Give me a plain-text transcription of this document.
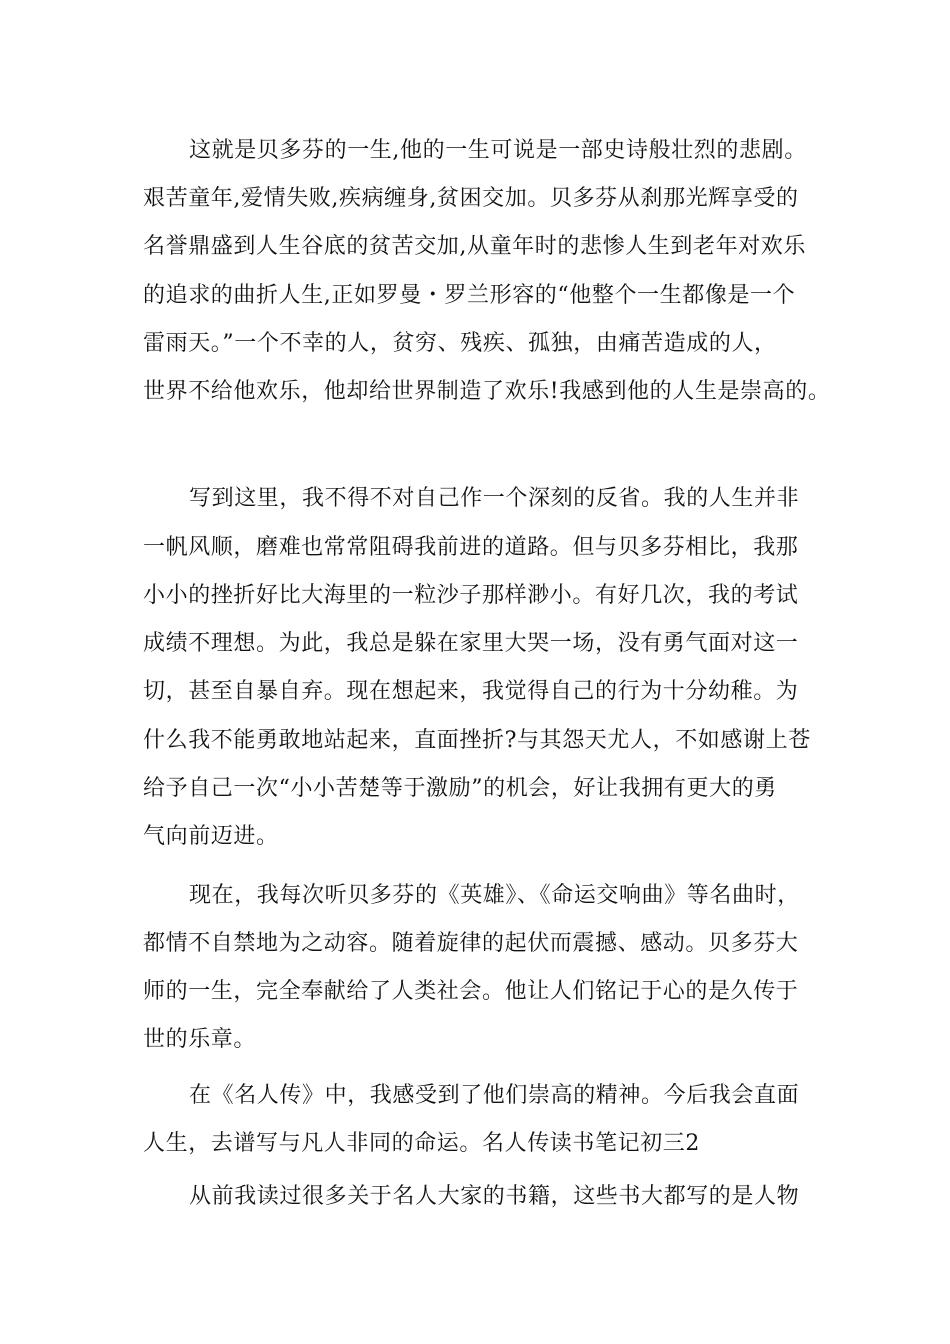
这就是贝多芬的一生,他的一生可说是一部史诗般壮烈的悲剧。
艰苦童年,爱情失败,疾病缠身,贫困交加。贝多芬从刹那光辉享受的
名誉鼎盛到人生谷底的贫苦交加,从童年时的悲惨人生到老年对欢乐
的追求的曲折人生,正如罗曼・罗兰形容的“他整个一生都像是一个
雷雨天。”一个不幸的人，贫穷、残疾、孤独，由痛苦造成的人，
世界不给他欢乐，他却给世界制造了欢乐!我感到他的人生是崇高的。
写到这里，我不得不对自己作一个深刻的反省。我的人生并非
一帆风顺，磨难也常常阻碍我前进的道路。但与贝多芬相比，我那
小小的挫折好比大海里的一粒沙子那样渺小。有好几次，我的考试
成绩不理想。为此，我总是躲在家里大哭一场，没有勇气面对这一
切，甚至自暴自弃。现在想起来，我觉得自己的行为十分幼稚。为
什么我不能勇敢地站起来，直面挫折?与其怨天尤人，不如感谢上苍
给予自己一次“小小苦楚等于激励”的机会，好让我拥有更大的勇
气向前迈进。
现在，我每次听贝多芬的《英雄》、《命运交响曲》等名曲时，
都情不自禁地为之动容。随着旋律的起伏而震撼、感动。贝多芬大
师的一生，完全奉献给了人类社会。他让人们铭记于心的是久传于
世的乐章。
在《名人传》中，我感受到了他们崇高的精神。今后我会直面
人生，去谱写与凡人非同的命运。名人传读书笔记初三2
从前我读过很多关于名人大家的书籍，这些书大都写的是人物
